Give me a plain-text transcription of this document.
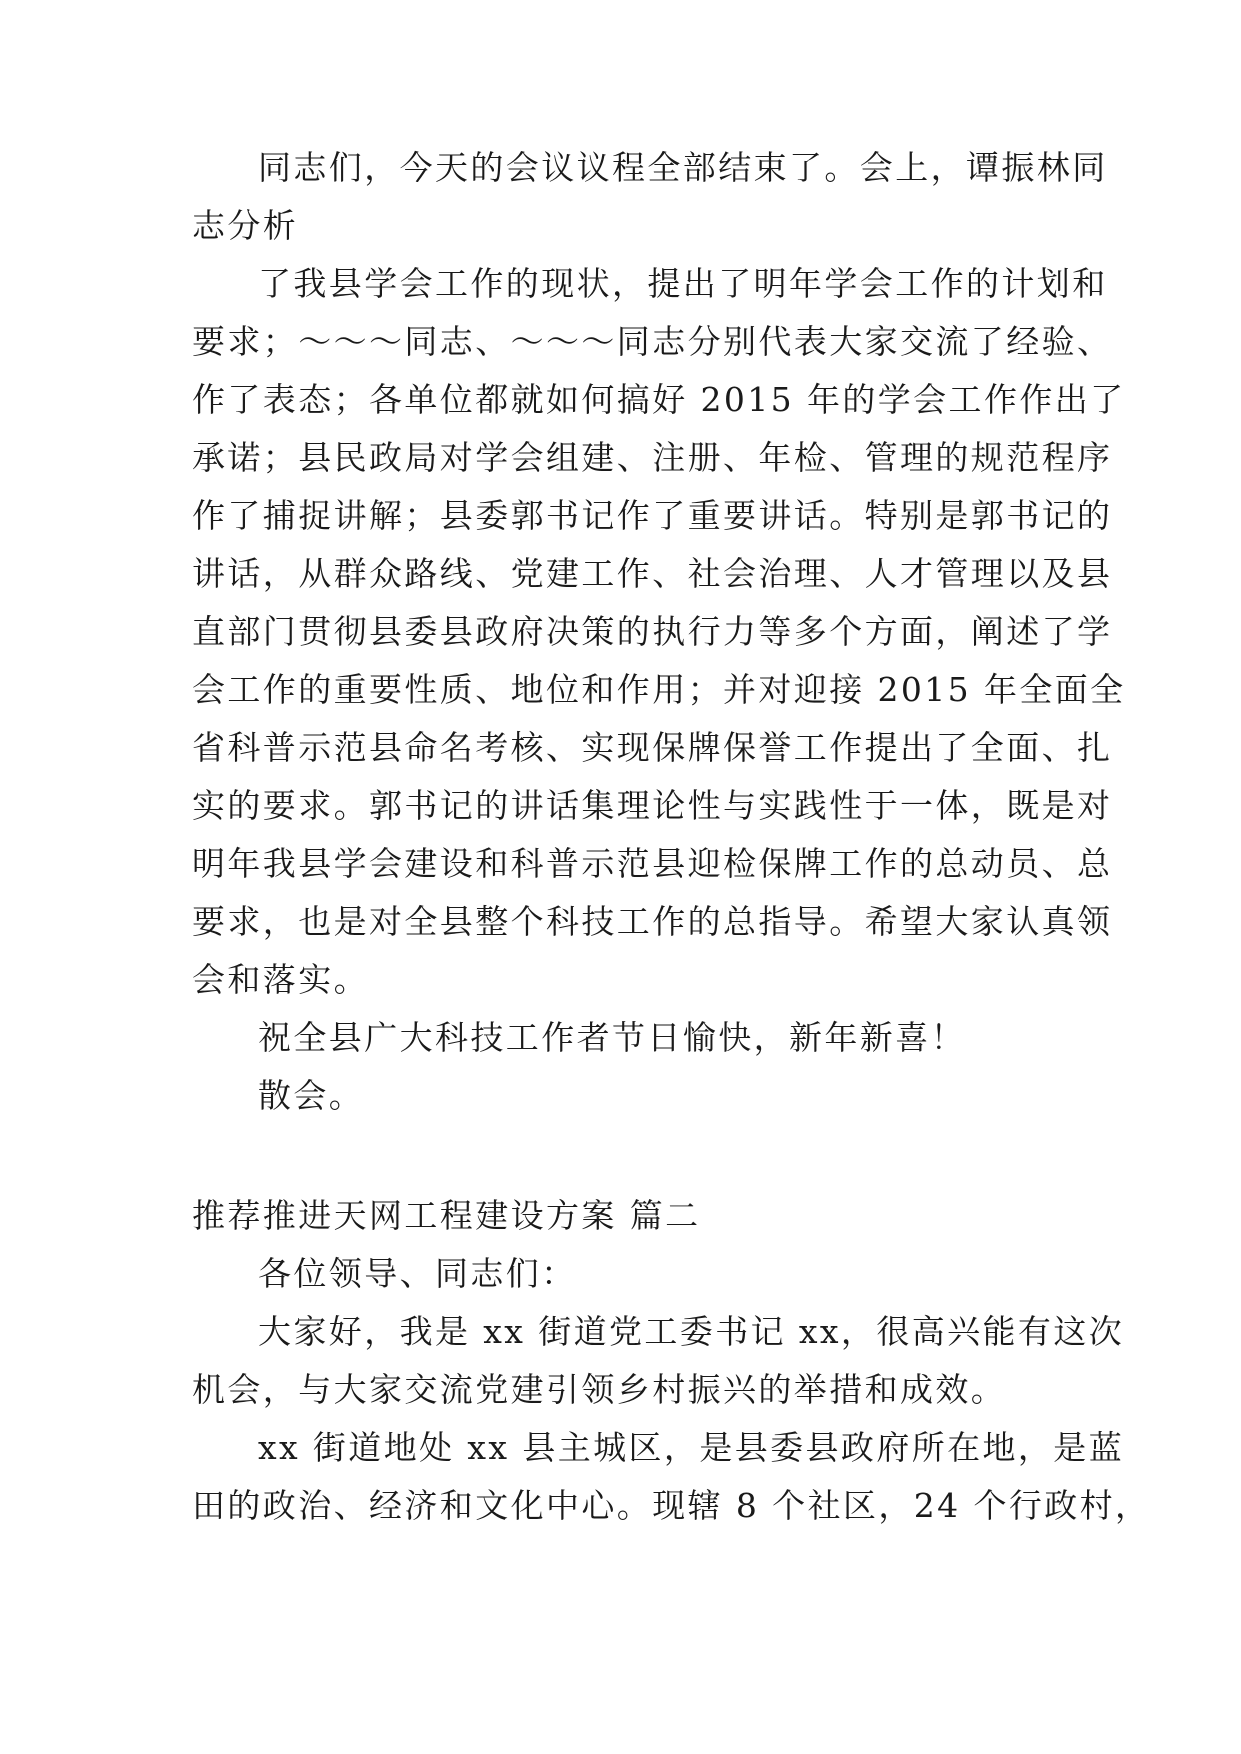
同志们，今天的会议议程全部结束了。会上，谭振林同
志分析
了我县学会工作的现状，提出了明年学会工作的计划和
要求；～～～同志、～～～同志分别代表大家交流了经验、
作了表态；各单位都就如何搞好 2015 年的学会工作作出了
承诺；县民政局对学会组建、注册、年检、管理的规范程序
作了捕捉讲解；县委郭书记作了重要讲话。特别是郭书记的
讲话，从群众路线、党建工作、社会治理、人才管理以及县
直部门贯彻县委县政府决策的执行力等多个方面，阐述了学
会工作的重要性质、地位和作用；并对迎接 2015 年全面全
省科普示范县命名考核、实现保牌保誉工作提出了全面、扎
实的要求。郭书记的讲话集理论性与实践性于一体，既是对
明年我县学会建设和科普示范县迎检保牌工作的总动员、总
要求，也是对全县整个科技工作的总指导。希望大家认真领
会和落实。
祝全县广大科技工作者节日愉快，新年新喜！
散会。
推荐推进天网工程建设方案 篇二
各位领导、同志们：
大家好，我是 xx 街道党工委书记 xx，很高兴能有这次
机会，与大家交流党建引领乡村振兴的举措和成效。
xx 街道地处 xx 县主城区，是县委县政府所在地，是蓝
田的政治、经济和文化中心。现辖 8 个社区，24 个行政村，
